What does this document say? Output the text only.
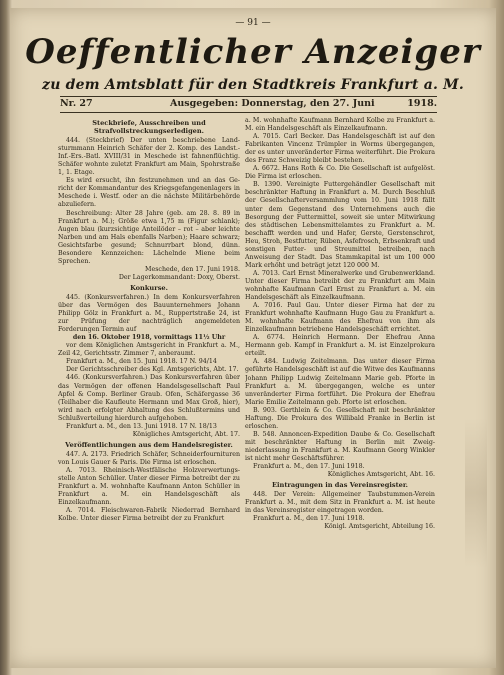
— 91 —
Oeffentlicher Anzeiger
zu dem Amtsblatt für den Stadtkreis Frankfurt a. M.
Nr. 27	Ausgegeben: Donnerstag, den 27. Juni	1918.
Steckbriefe, Ausschreiben und Strafvollstreckungserledigen.

444. (Steckbrief) Der unten beschriebene Landsturmmann Heinrich Schäfer der 2. Komp. des Landst.-Inf.-Ers.-Batl. XVIII/31 in Meschede ist fahnenflüchtig. Schäfer wohnte zuletzt Frankfurt am Main, Spohrstraße 1, 1. Etage.

Es wird ersucht, ihn festzunehmen und an das Gericht der Kommandantur des Kriegsgefangenenlagers in Meschede i. Westf. oder an die nächste Militärbehörde abzuliefern.

Beschreibung: Alter 28 Jahre (geb. am 28. 8. 89 in Frankfurt a. M.); Größe etwa 1,75 m (Figur schlank); Augen blau (kurzsichtige Anteilöder – rot – aber leichte Narben und am Hals ebenfalls Narben); Haare schwarz; Gesichtsfarbe gesund; Schnurrbart blond, dünn. Besondere Kennzeichen: Lächelnde Miene beim Sprechen.

Meschede, den 17. Juni 1918.

Der Lagerkommandant: Doxy, Oberst.

Konkurse.

445. (Konkursverfahren.) In dem Konkursverfahren über das Vermögen des Bauunternehmers Johann Philipp Gölz in Frankfurt a. M., Ruppertstraße 24, ist zur Prüfung der nachträglich angemeldeten Forderungen Termin auf

den 16. Oktober 1918, vormittags 11½ Uhr

vor dem Königlichen Amtsgericht in Frankfurt a. M., Zeil 42, Gerichtsstr. Zimmer 7, anberaumt.

Frankfurt a. M., den 15. Juni 1918. 17 N. 94/14

Der Gerichtsschreiber des Kgl. Amtsgerichts, Abt. 17.

446. (Konkursverfahren.) Das Konkursverfahren über das Vermögen der offenen Handelsgesellschaft Paul Apfel & Comp. Berliner Graub. Ofen, Schäfergasse 36 (Teilhaber die Kaufleute Hermann und Max Groß, hier), wird nach erfolgter Abhaltung des Schlußtermins und Schlußverteilung hierdurch aufgehoben.

Frankfurt a. M., den 13. Juni 1918. 17 N. 18/13

Königliches Amtsgericht, Abt. 17.

Veröffentlichungen aus dem Handelsregister.

447. A. 2173. Friedrich Schäfer, Schneiderfournituren von Louis Gauer & Paris. Die Firma ist erloschen.

A. 7013. Rheinisch-Westfälische Holzverwertungsstelle Anton Schüller. Unter dieser Firma betreibt der zu Frankfurt a. M. wohnhafte Kaufmann Anton Schüller in Frankfurt a. M. ein Handelsgeschäft als Einzelkaufmann.

A. 7014. Fleischwaren-Fabrik Niederrad Bernhard Kolbe. Unter dieser Firma betreibt der zu Frankfurt

a. M. wohnhafte Kaufmann Bernhard Kolbe zu Frankfurt a. M. ein Handelsgeschäft als Einzelkaufmann.

A. 7015. Carl Becker. Das Handelsgeschäft ist auf den Fabrikanten Vincenz Trümpler in Worms übergegangen, der es unter unveränderter Firma weiterführt. Die Prokura des Franz Schweizig bleibt bestehen.

A. 6672. Hans Roth & Co. Die Gesellschaft ist aufgelöst. Die Firma ist erloschen.

B. 1390. Vereinigte Futtergehändler Gesellschaft mit beschränkter Haftung in Frankfurt a. M. Durch Beschluß der Gesellschafterversammlung vom 10. Juni 1918 fällt unter dem Gegenstand des Unternehmens auch die Besorgung der Futtermittel, soweit sie unter Mitwirkung des städtischen Lebensmittelamtes zu Frankfurt a. M. beschafft werden und und Hafer, Gerste, Gerstenschrot, Heu, Stroh, Bestfutter, Rüben, Asfefrosch, Erbsenkraft und sonstigen Futter- und Streumittel betreiben, nach Anweisung der Stadt. Das Stammkapital ist um 100 000 Mark erhöht und beträgt jetzt 120 000 M.

A. 7013. Carl Ernst Mineralwerke und Grubenwerkland. Unter dieser Firma betreibt der zu Frankfurt am Main wohnhafte Kaufmann Carl Ernst zu Frankfurt a. M. ein Handelsgeschäft als Einzelkaufmann.

A. 7016. Paul Gau. Unter dieser Firma hat der zu Frankfurt wohnhafte Kaufmann Hugo Gau zu Frankfurt a. M. wohnhafte Kaufmann des Ehefrau von ihm als Einzelkaufmann betriebene Handelsgeschäft errichtet.

A. 6774. Heinrich Hermann. Der Ehefrau Anna Hermann geb. Kampf in Frankfurt a. M. ist Einzelprokura erteilt.

A. 484. Ludwig Zeitelmann. Das unter dieser Firma geführte Handelsgeschäft ist auf die Witwe des Kaufmanns Johann Philipp Ludwig Zeitelmann Marie geb. Pforte in Frankfurt a. M. übergegangen, welche es unter unveränderter Firma fortführt. Die Prokura der Ehefrau Marie Emilie Zeitelmann geb. Pforte ist erloschen.

B. 903. Gerthlein & Co. Gesellschaft mit beschränkter Haftung. Die Prokura des Willibald Franke in Berlin ist erloschen.

B. 548. Annoncen-Expedition Daube & Co. Gesellschaft mit beschränkter Haftung in Berlin mit Zweigniederlassung in Frankfurt a. M. Kaufmann Georg Winkler ist nicht mehr Geschäftsführer.

Frankfurt a. M., den 17. Juni 1918.

Königliches Amtsgericht, Abt. 16.

Eintragungen in das Vereinsregister.

448. Der Verein: Allgemeiner Taubstummen-Verein Frankfurt a. M., mit dem Sitz in Frankfurt a. M. ist heute in das Vereinsregister eingetragen worden.

Frankfurt a. M., den 17. Juni 1918.

Königl. Amtsgericht, Abteilung 16.
